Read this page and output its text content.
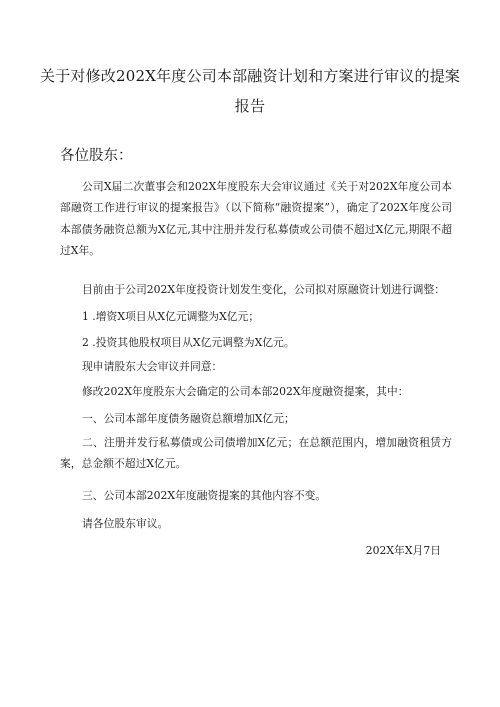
关于对修改202X年度公司本部融资计划和方案进行审议的提案
报告
各位股东：
公司X届二次董事会和202X年度股东大会审议通过《关于对202X年度公司本部融资工作进行审议的提案报告》（以下简称“融资提案”），确定了202X年度公司本部债务融资总额为X亿元,其中注册并发行私募债或公司债不超过X亿元,期限不超过X年。
目前由于公司202X年度投资计划发生变化，公司拟对原融资计划进行调整：
1 .增资X项目从X亿元调整为X亿元；
2 .投资其他股权项目从X亿元调整为X亿元。
现申请股东大会审议并同意：
修改202X年度股东大会确定的公司本部202X年度融资提案，其中：
一、公司本部年度债务融资总额增加X亿元；
二、注册并发行私募债或公司债增加X亿元；在总额范围内，增加融资租赁方案，总金额不超过X亿元。
三、公司本部202X年度融资提案的其他内容不变。
请各位股东审议。
202X年X月7日
